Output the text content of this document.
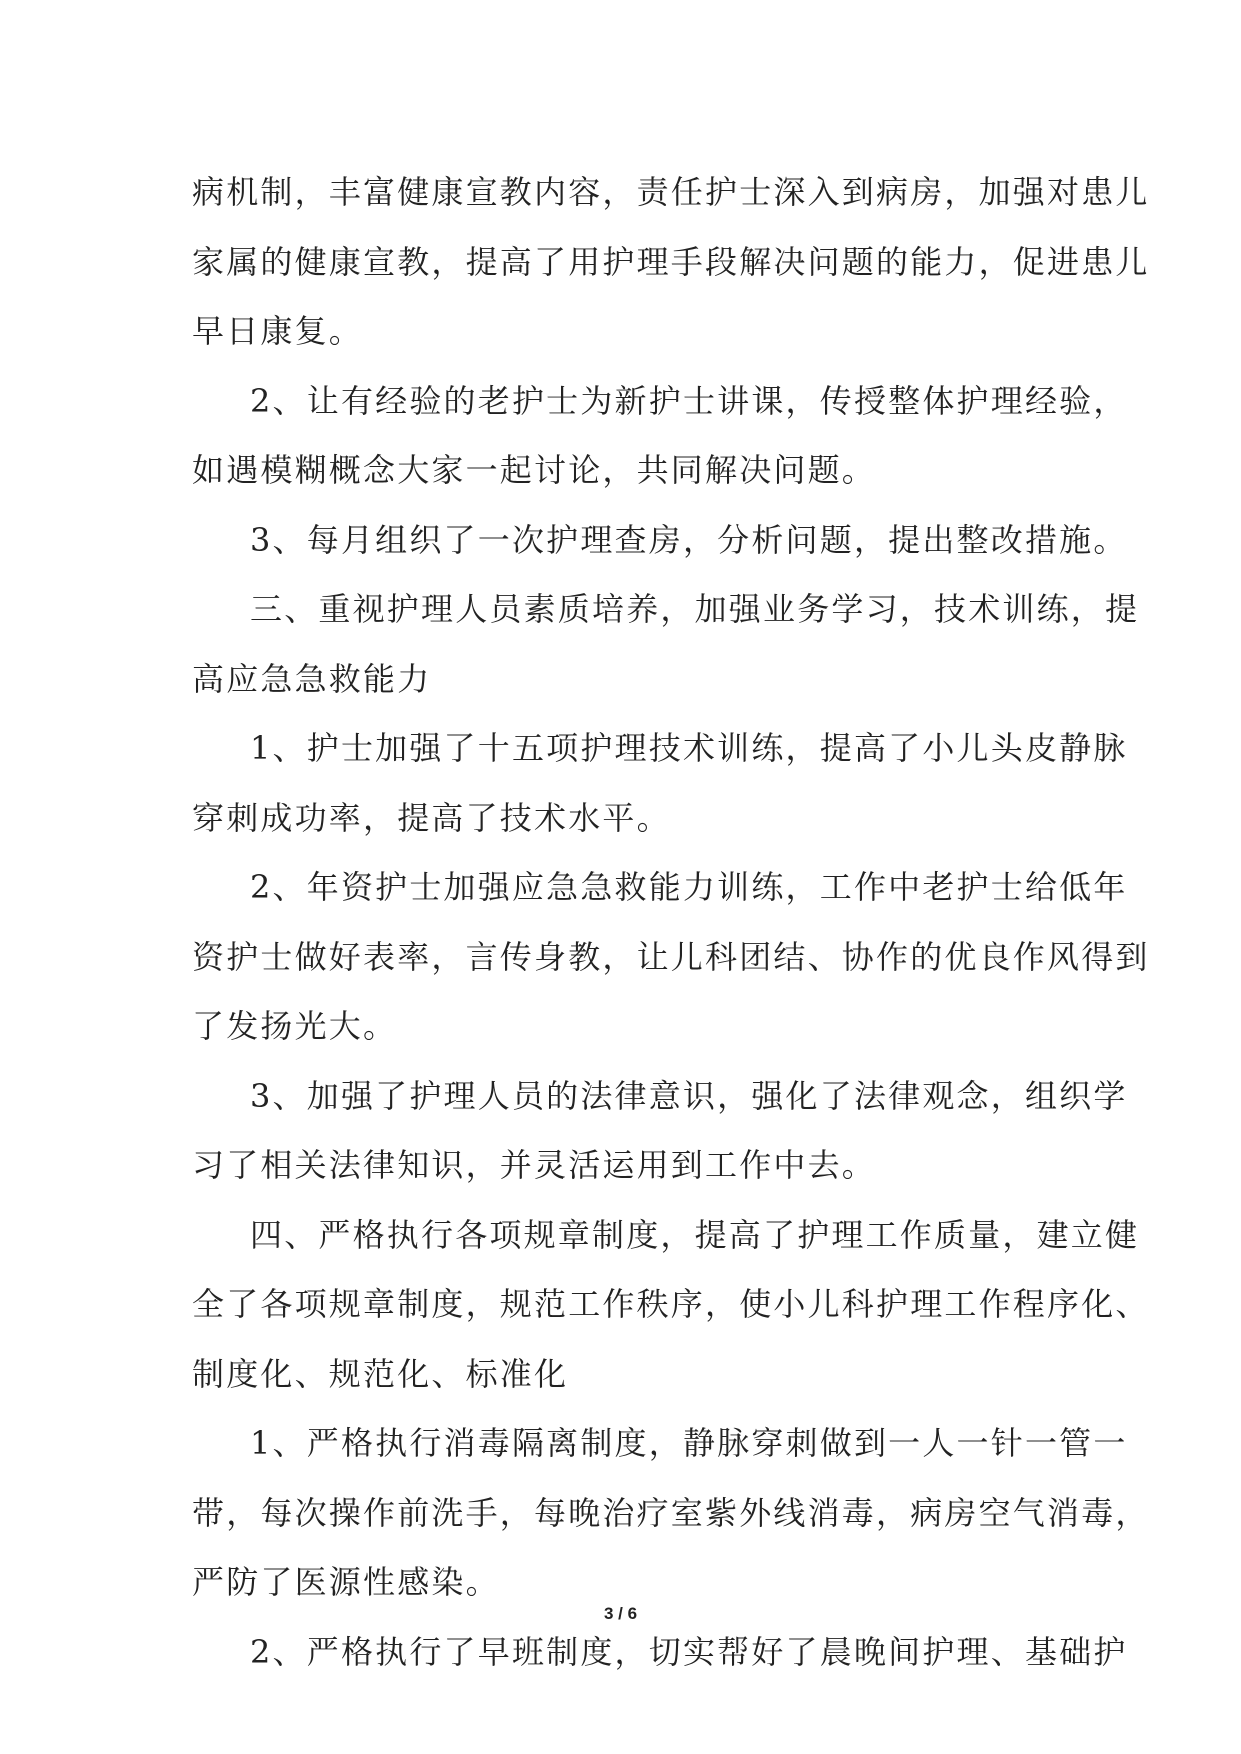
病机制，丰富健康宣教内容，责任护士深入到病房，加强对患儿
家属的健康宣教，提高了用护理手段解决问题的能力，促进患儿
早日康复。
2、让有经验的老护士为新护士讲课，传授整体护理经验，
如遇模糊概念大家一起讨论，共同解决问题。
3、每月组织了一次护理查房，分析问题，提出整改措施。
三、重视护理人员素质培养，加强业务学习，技术训练，提
高应急急救能力
1、护士加强了十五项护理技术训练，提高了小儿头皮静脉
穿刺成功率，提高了技术水平。
2、年资护士加强应急急救能力训练，工作中老护士给低年
资护士做好表率，言传身教，让儿科团结、协作的优良作风得到
了发扬光大。
3、加强了护理人员的法律意识，强化了法律观念，组织学
习了相关法律知识，并灵活运用到工作中去。
四、严格执行各项规章制度，提高了护理工作质量，建立健
全了各项规章制度，规范工作秩序，使小儿科护理工作程序化、
制度化、规范化、标准化
1、严格执行消毒隔离制度，静脉穿刺做到一人一针一管一
带，每次操作前洗手，每晚治疗室紫外线消毒，病房空气消毒，
严防了医源性感染。
2、严格执行了早班制度，切实帮好了晨晚间护理、基础护
3 / 6
